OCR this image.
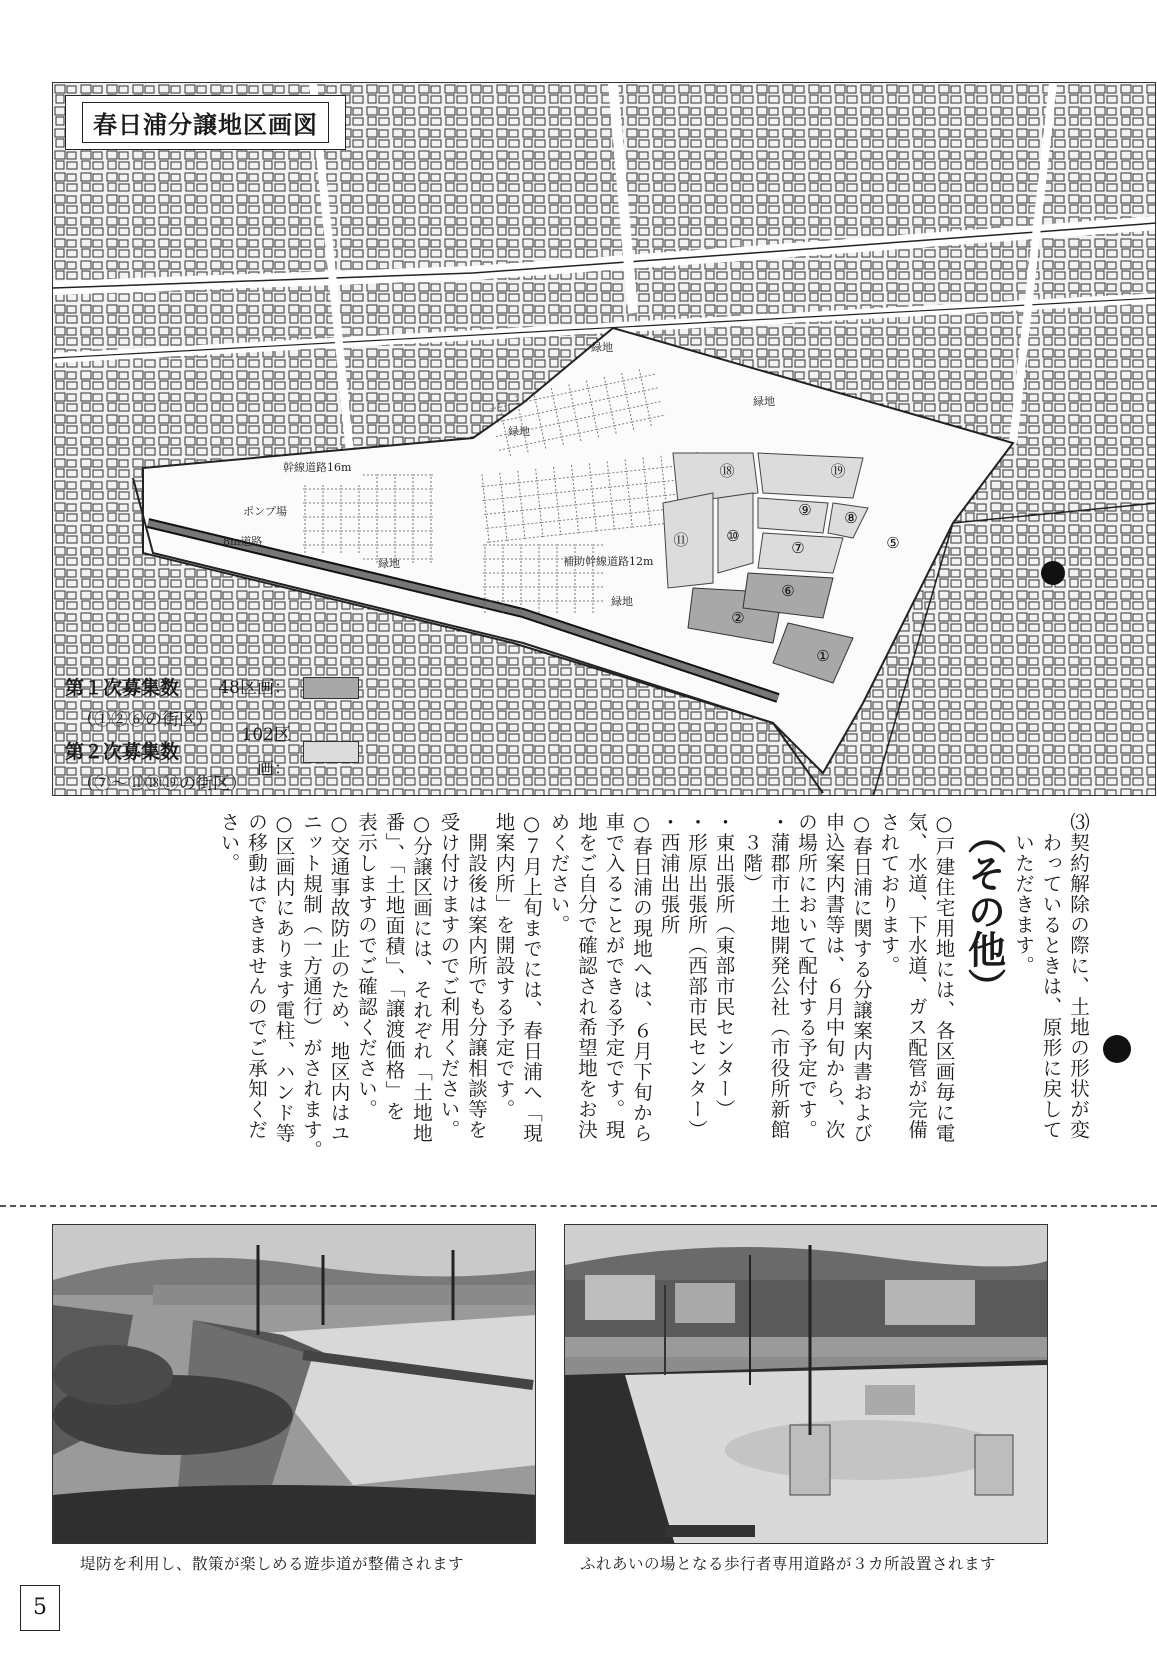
①
②
⑥
⑦
⑧
⑨
⑩
⑪
⑱	⑲
⑤
緑地
緑地
緑地
緑地
緑地
ポンプ場
幹線道路16m
8m道路
補助幹線道路12m
春日浦分譲地区画図
第１次募集数	48区画：
（①②⑥の街区）
第２次募集数
102区画：
（⑦〜⑪⑱⑲の街区）
⑶契約解除の際に、土地の形状が変
　わっているときは、原形に戻して
　いただきます。
（その他）
○戸建住宅用地には、各区画毎に電
気、水道、下水道、ガス配管が完備
されております。
○春日浦に関する分譲案内書および
申込案内書等は、６月中旬から、次
の場所において配付する予定です。
・蒲郡市土地開発公社（市役所新館
　３階）
・東出張所（東部市民センター）
・形原出張所（西部市民センター）
・西浦出張所
○春日浦の現地へは、６月下旬から
車で入ることができる予定です。現
地をご自分で確認され希望地をお決
めください。
○７月上旬までには、春日浦へ「現
地案内所」を開設する予定です。
　開設後は案内所でも分譲相談等を
受け付けますのでご利用ください。
○分譲区画には、それぞれ「土地地
番」、「土地面積」、「譲渡価格」を
表示しますのでご確認ください。
○交通事故防止のため、地区内はユ
ニット規制（一方通行）がされます。
○区画内にあります電柱、ハンド等
の移動はできませんのでご承知くだ
さい。
堤防を利用し、散策が楽しめる遊歩道が整備されます	ふれあいの場となる歩行者専用道路が３カ所設置されます
5
